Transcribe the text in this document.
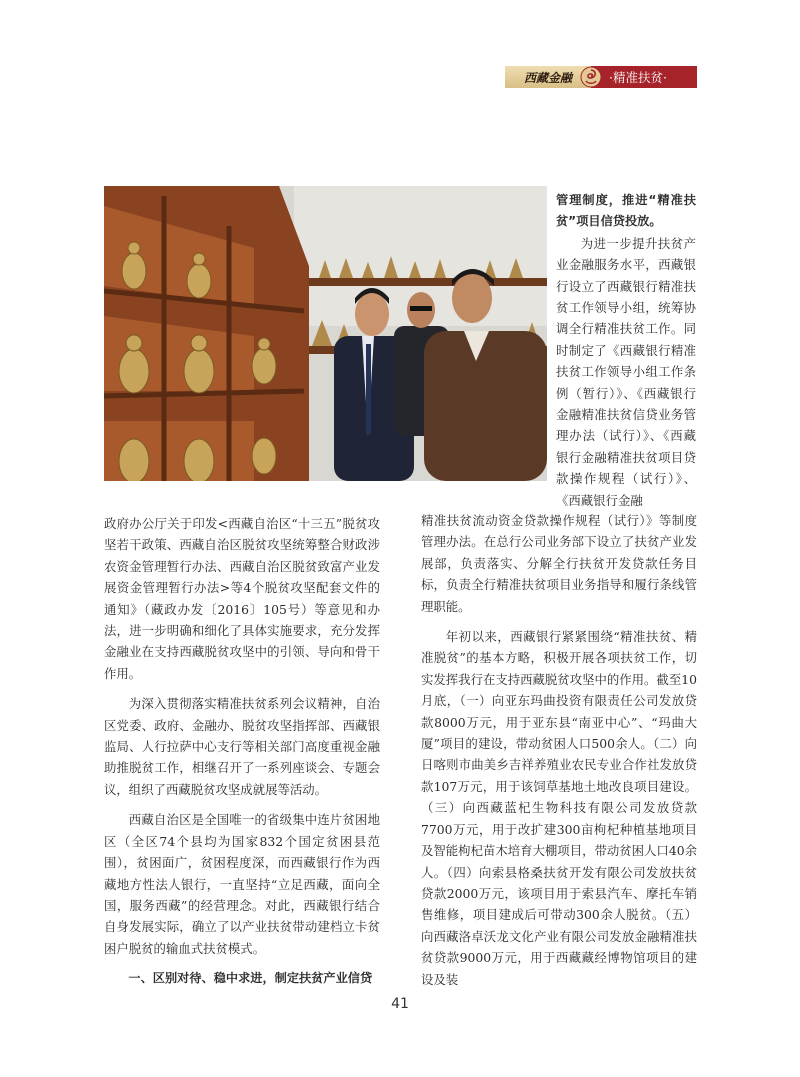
西藏金融	·精准扶贫·

管理制度，推进“精准扶贫”项目信贷投放。

为进一步提升扶贫产业金融服务水平，西藏银行设立了西藏银行精准扶贫工作领导小组，统筹协调全行精准扶贫工作。同时制定了《西藏银行精准扶贫工作领导小组工作条例（暂行）》、《西藏银行金融精准扶贫信贷业务管理办法（试行）》、《西藏银行金融精准扶贫项目贷款操作规程（试行）》、《西藏银行金融

政府办公厅关于印发<西藏自治区“十三五”脱贫攻坚若干政策、西藏自治区脱贫攻坚统筹整合财政涉农资金管理暂行办法、西藏自治区脱贫致富产业发展资金管理暂行办法>等4个脱贫攻坚配套文件的通知》（藏政办发〔2016〕105号）等意见和办法，进一步明确和细化了具体实施要求，充分发挥金融业在支持西藏脱贫攻坚中的引领、导向和骨干作用。

为深入贯彻落实精准扶贫系列会议精神，自治区党委、政府、金融办、脱贫攻坚指挥部、西藏银监局、人行拉萨中心支行等相关部门高度重视金融助推脱贫工作，相继召开了一系列座谈会、专题会议，组织了西藏脱贫攻坚成就展等活动。

西藏自治区是全国唯一的省级集中连片贫困地区（全区74个县均为国家832个国定贫困县范围），贫困面广，贫困程度深，而西藏银行作为西藏地方性法人银行，一直坚持“立足西藏，面向全国，服务西藏”的经营理念。对此，西藏银行结合自身发展实际，确立了以产业扶贫带动建档立卡贫困户脱贫的输血式扶贫模式。

一、区别对待、稳中求进，制定扶贫产业信贷

精准扶贫流动资金贷款操作规程（试行）》等制度管理办法。在总行公司业务部下设立了扶贫产业发展部，负责落实、分解全行扶贫开发贷款任务目标，负责全行精准扶贫项目业务指导和履行条线管理职能。

年初以来，西藏银行紧紧围绕“精准扶贫、精准脱贫”的基本方略，积极开展各项扶贫工作，切实发挥我行在支持西藏脱贫攻坚中的作用。截至10月底，（一）向亚东玛曲投资有限责任公司发放贷款8000万元，用于亚东县“南亚中心”、“玛曲大厦”项目的建设，带动贫困人口500余人。（二）向日喀则市曲美乡吉祥养殖业农民专业合作社发放贷款107万元，用于该饲草基地土地改良项目建设。（三）向西藏蓝杞生物科技有限公司发放贷款7700万元，用于改扩建300亩枸杞种植基地项目及智能枸杞苗木培育大棚项目，带动贫困人口40余人。（四）向索县格桑扶贫开发有限公司发放扶贫贷款2000万元，该项目用于索县汽车、摩托车销售维修，项目建成后可带动300余人脱贫。（五）向西藏洛卓沃龙文化产业有限公司发放金融精准扶贫贷款9000万元，用于西藏藏经博物馆项目的建设及装

41
